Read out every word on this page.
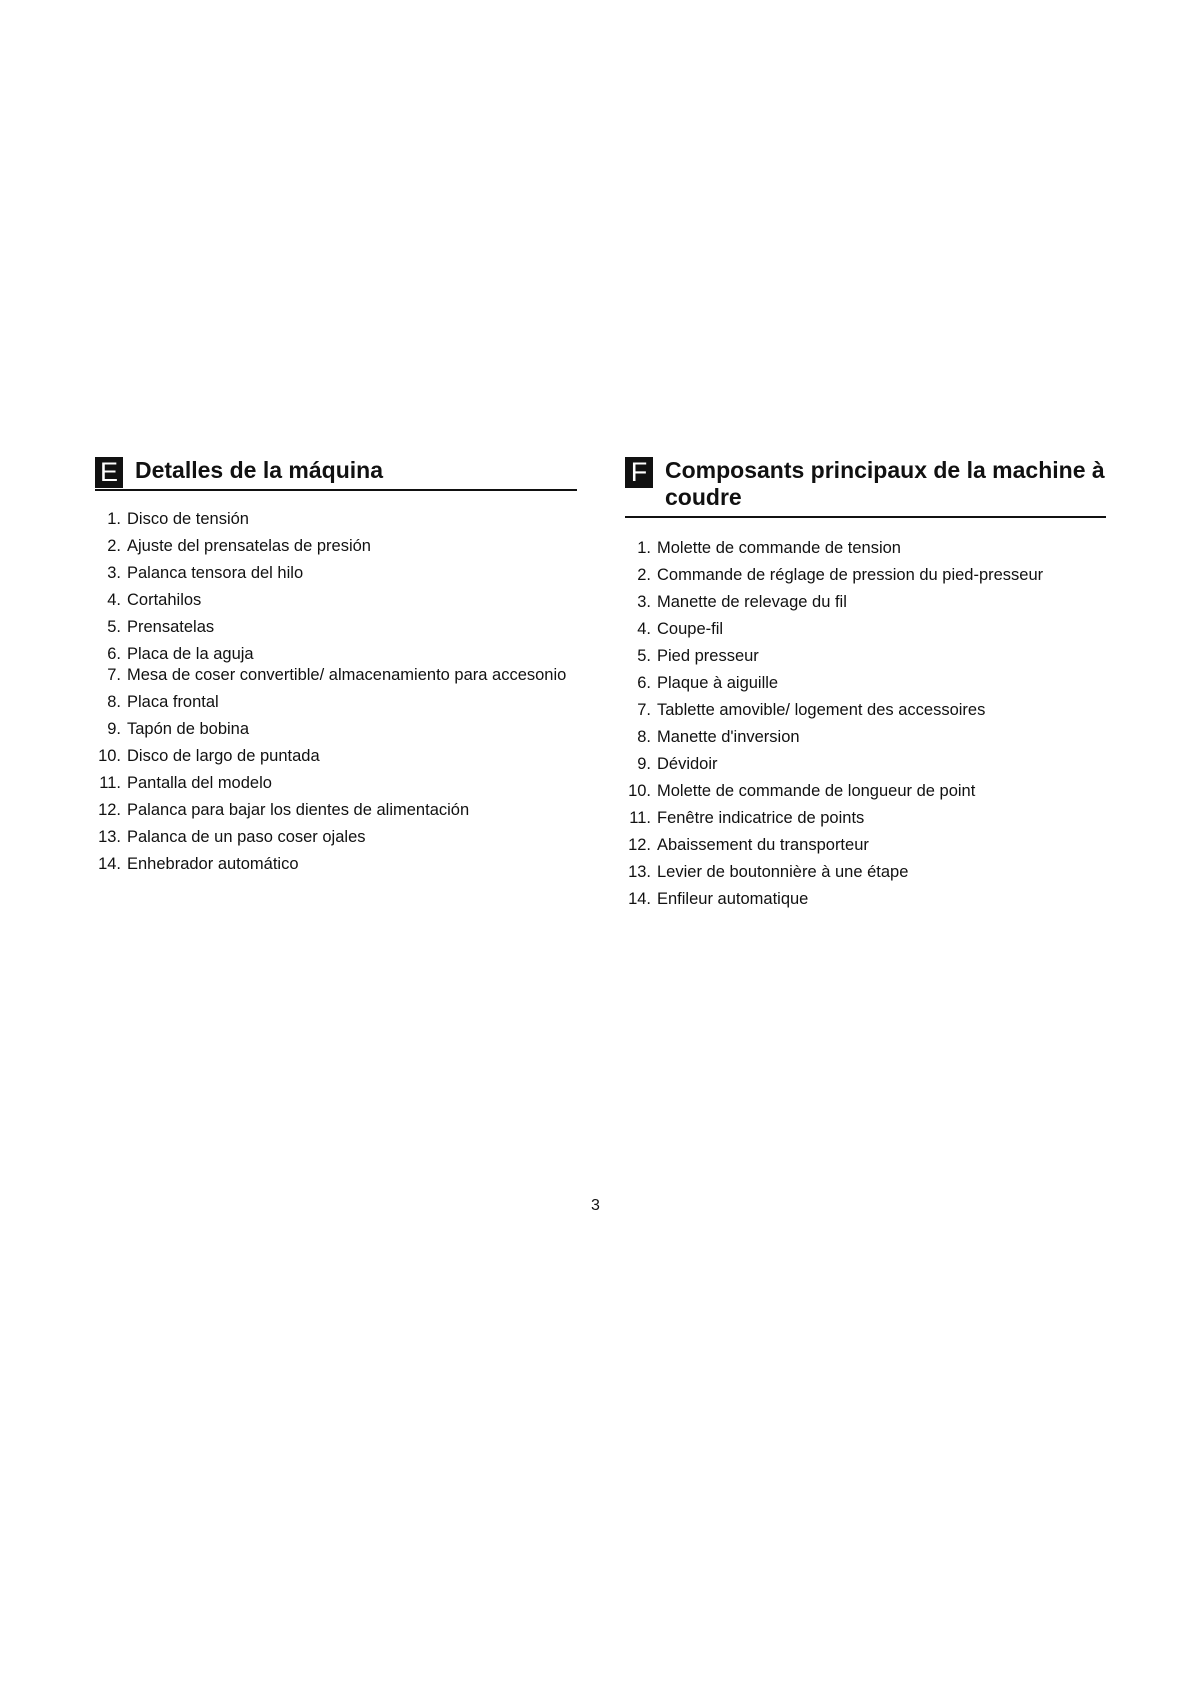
E Detalles de la máquina
1. Disco de tensión
2. Ajuste del prensatelas de presión
3. Palanca tensora del hilo
4. Cortahilos
5. Prensatelas
6. Placa de la aguja
7. Mesa de coser convertible/ almacenamiento para accesonio
8. Placa frontal
9. Tapón de bobina
10. Disco de largo de puntada
11. Pantalla del modelo
12. Palanca para bajar los dientes de alimentación
13. Palanca de un paso coser ojales
14. Enhebrador automático
F Composants principaux de la machine à
coudre
1. Molette de commande de tension
2. Commande de réglage de pression du pied-presseur
3. Manette de relevage du fil
4. Coupe-fil
5. Pied presseur
6. Plaque à aiguille
7. Tablette amovible/ logement des accessoires
8. Manette d'inversion
9. Dévidoir
10. Molette de commande de longueur de point
11. Fenêtre indicatrice de points
12. Abaissement du transporteur
13. Levier de boutonnière à une étape
14. Enfileur automatique
3
